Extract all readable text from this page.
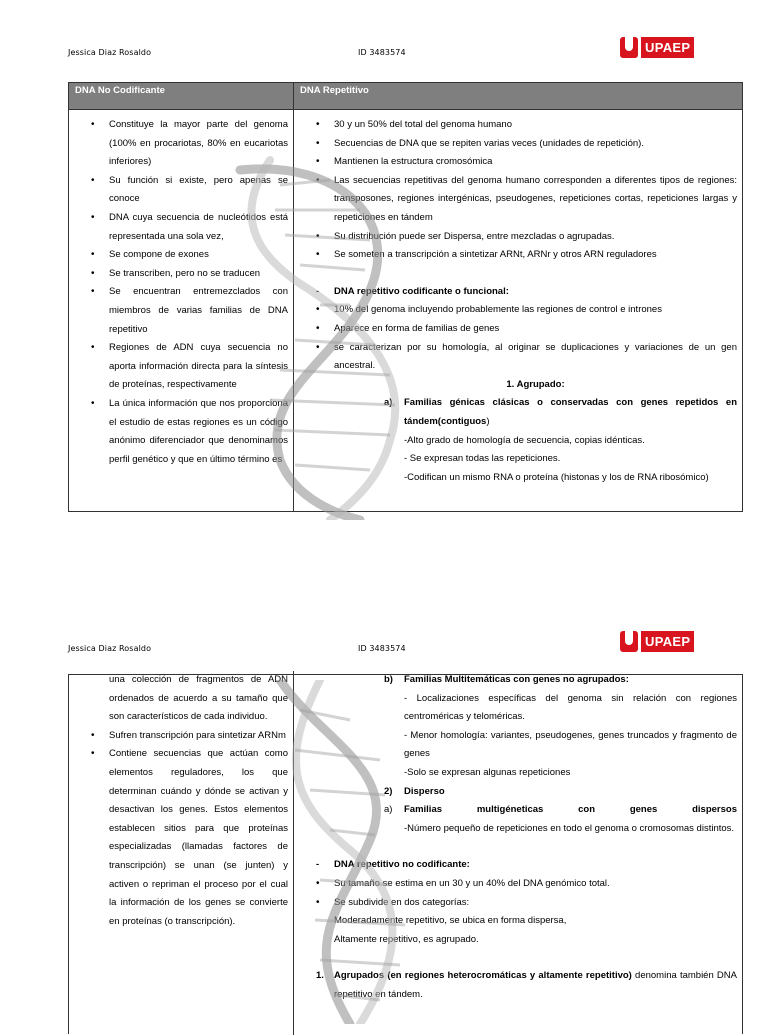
Jessica Diaz Rosaldo	ID 3483574	UPAEP
DNA No Codificante	DNA Repetitivo
• Constituye la mayor parte del genoma (100% en procariotas, 80% en eucariotas inferiores)
• Su función si existe, pero apenas se conoce
• DNA cuya secuencia de nucleótidos está representada una sola vez,
• Se compone de exones
• Se transcriben, pero no se traducen
• Se encuentran entremezclados con miembros de varias familias de DNA repetitivo
• Regiones de ADN cuya secuencia no aporta información directa para la síntesis de proteínas, respectivamente
• La única información que nos proporciona el estudio de estas regiones es un código anónimo diferenciador que denominamos perfil genético y que en último término es
• 30 y un 50% del total del genoma humano
• Secuencias de DNA que se repiten varias veces (unidades de repetición).
• Mantienen la estructura cromosómica
• Las secuencias repetitivas del genoma humano corresponden a diferentes tipos de regiones: transposones, regiones intergénicas, pseudogenes, repeticiones cortas, repeticiones largas y repeticiones en tándem
• Su distribución puede ser Dispersa, entre mezcladas o agrupadas.
• Se someten a transcripción a sintetizar ARNt, ARNr y otros ARN reguladores
- DNA repetitivo codificante o funcional:
• 10% del genoma incluyendo probablemente las regiones de control e intrones
• Aparece en forma de familias de genes
• se caracterizan por su homología, al originar se duplicaciones y variaciones de un gen ancestral.
1. Agrupado:
a) Familias génicas clásicas o conservadas con genes repetidos en tándem(contiguos)
-Alto grado de homología de secuencia, copias idénticas.
- Se expresan todas las repeticiones.
-Codifican un mismo RNA o proteína (histonas y los de RNA ribosómico)
Jessica Diaz Rosaldo	ID 3483574	UPAEP
una colección de fragmentos de ADN ordenados de acuerdo a su tamaño que son característicos de cada individuo.
• Sufren transcripción para sintetizar ARNm
• Contiene secuencias que actúan como elementos reguladores, los que determinan cuándo y dónde se activan y desactivan los genes. Estos elementos establecen sitios para que proteínas especializadas (llamadas factores de transcripción) se unan (se junten) y activen o repriman el proceso por el cual la información de los genes se convierte en proteínas (o transcripción).
b) Familias Multitemáticas con genes no agrupados:
- Localizaciones específicas del genoma sin relación con regiones centroméricas y teloméricas.
- Menor homología: variantes, pseudogenes, genes truncados y fragmento de genes
-Solo se expresan algunas repeticiones
2) Disperso
a) Familias multigéneticas con genes dispersos
-Número pequeño de repeticiones en todo el genoma o cromosomas distintos.
- DNA repetitivo no codificante:
• Su tamaño se estima en un 30 y un 40% del DNA genómico total.
• Se subdivide en dos categorías:
Moderadamente repetitivo, se ubica en forma dispersa,
Altamente repetitivo, es agrupado.
1. Agrupados (en regiones heterocromáticas y altamente repetitivo) denomina también DNA repetitivo en tándem.
